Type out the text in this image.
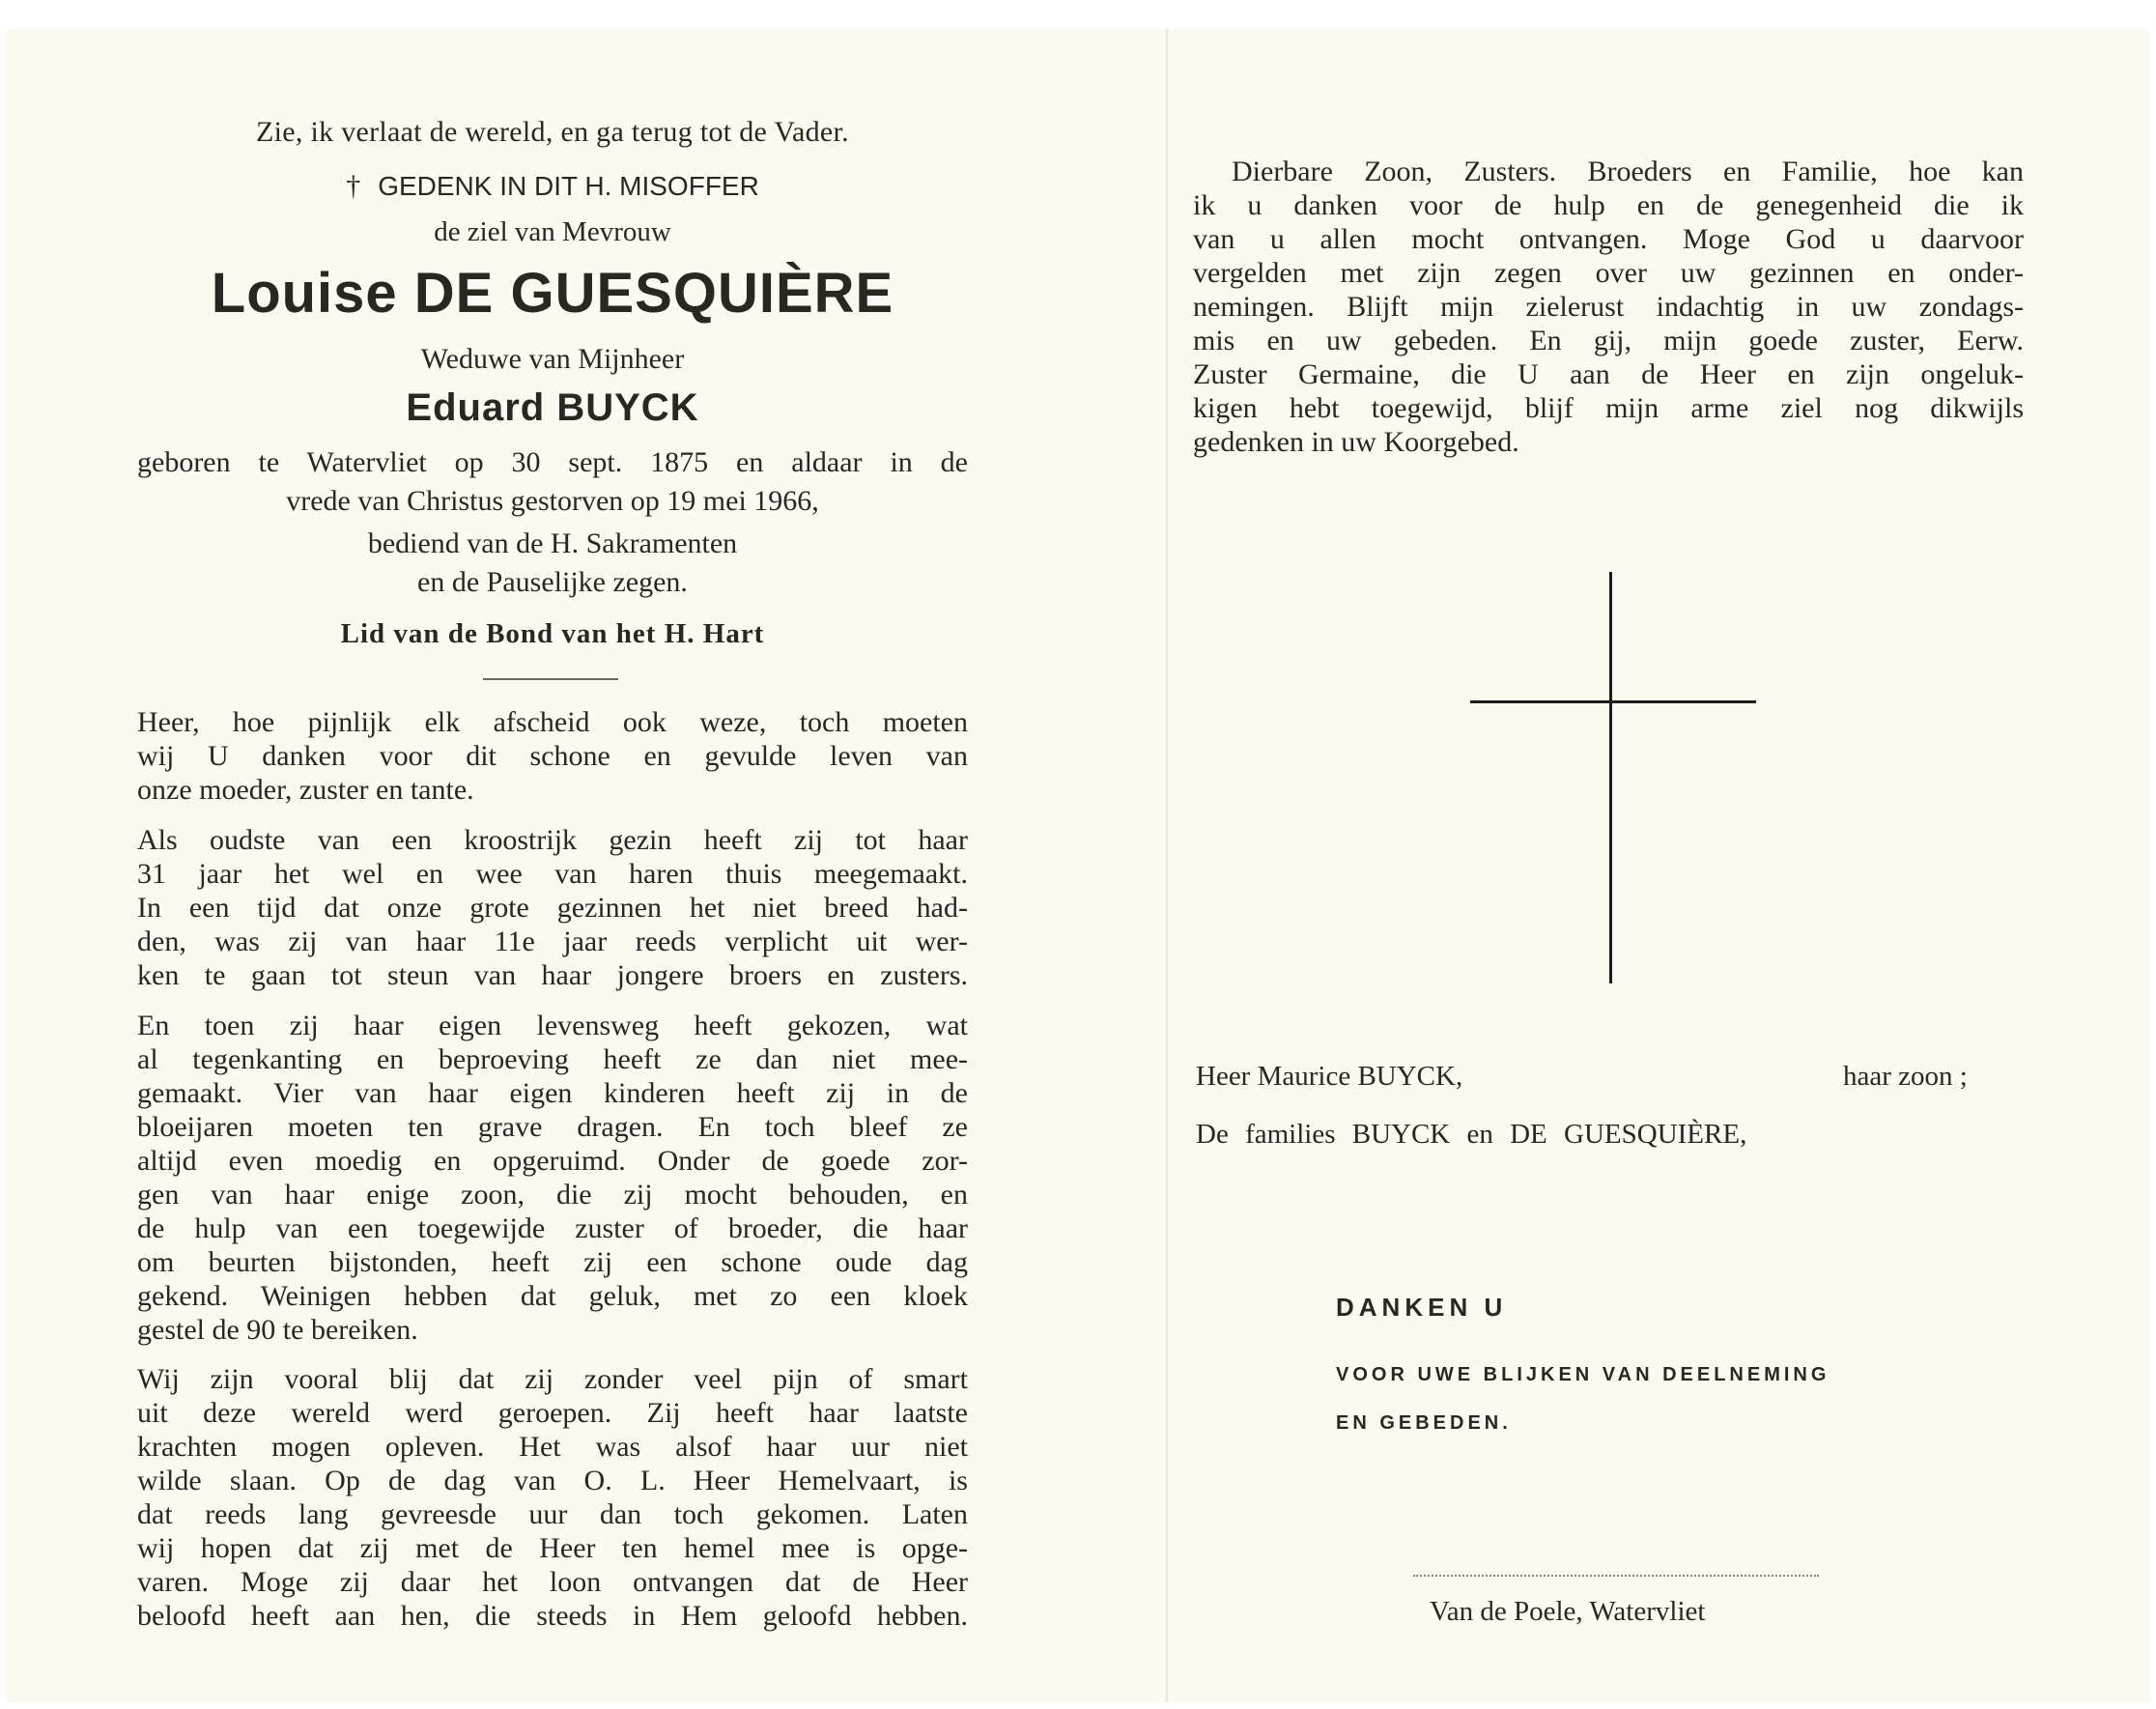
Zie, ik verlaat de wereld, en ga terug tot de Vader.
† GEDENK IN DIT H. MISOFFER
de ziel van Mevrouw
Louise DE GUESQUIÈRE
Weduwe van Mijnheer
Eduard BUYCK
geboren te Watervliet op 30 sept. 1875 en aldaar in de
vrede van Christus gestorven op 19 mei 1966,
bediend van de H. Sakramenten
en de Pauselijke zegen.
Lid van de Bond van het H. Hart
Heer, hoe pijnlijk elk afscheid ook weze, toch moeten
wij U danken voor dit schone en gevulde leven van
onze moeder, zuster en tante.
Als oudste van een kroostrijk gezin heeft zij tot haar
31 jaar het wel en wee van haren thuis meegemaakt.
In een tijd dat onze grote gezinnen het niet breed had-
den, was zij van haar 11e jaar reeds verplicht uit wer-
ken te gaan tot steun van haar jongere broers en zusters.
En toen zij haar eigen levensweg heeft gekozen, wat
al tegenkanting en beproeving heeft ze dan niet mee-
gemaakt. Vier van haar eigen kinderen heeft zij in de
bloeijaren moeten ten grave dragen. En toch bleef ze
altijd even moedig en opgeruimd. Onder de goede zor-
gen van haar enige zoon, die zij mocht behouden, en
de hulp van een toegewijde zuster of broeder, die haar
om beurten bijstonden, heeft zij een schone oude dag
gekend. Weinigen hebben dat geluk, met zo een kloek
gestel de 90 te bereiken.
Wij zijn vooral blij dat zij zonder veel pijn of smart
uit deze wereld werd geroepen. Zij heeft haar laatste
krachten mogen opleven. Het was alsof haar uur niet
wilde slaan. Op de dag van O. L. Heer Hemelvaart, is
dat reeds lang gevreesde uur dan toch gekomen. Laten
wij hopen dat zij met de Heer ten hemel mee is opge-
varen. Moge zij daar het loon ontvangen dat de Heer
beloofd heeft aan hen, die steeds in Hem geloofd hebben.
Dierbare Zoon, Zusters. Broeders en Familie, hoe kan
ik u danken voor de hulp en de genegenheid die ik
van u allen mocht ontvangen. Moge God u daarvoor
vergelden met zijn zegen over uw gezinnen en onder-
nemingen. Blijft mijn zielerust indachtig in uw zondags-
mis en uw gebeden. En gij, mijn goede zuster, Eerw.
Zuster Germaine, die U aan de Heer en zijn ongeluk-
kigen hebt toegewijd, blijf mijn arme ziel nog dikwijls
gedenken in uw Koorgebed.
Heer Maurice BUYCK,	haar zoon ;
De families BUYCK en DE GUESQUIÈRE,
DANKEN U
VOOR UWE BLIJKEN VAN DEELNEMING
EN GEBEDEN.
Van de Poele, Watervliet
